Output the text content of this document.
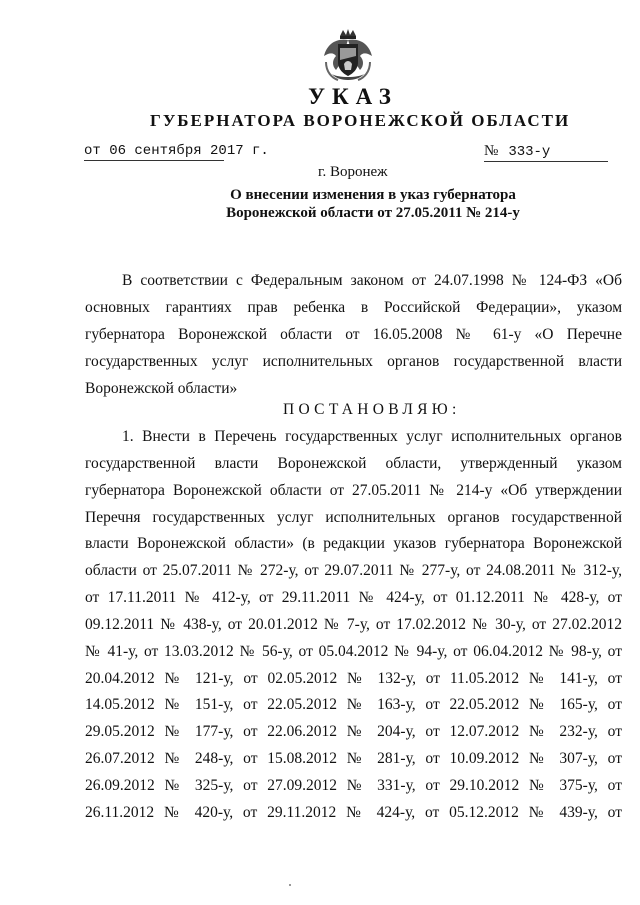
УКАЗ
ГУБЕРНАТОРА ВОРОНЕЖСКОЙ ОБЛАСТИ
от 06 сентября 2017 г.	№ 333-у
г. Воронеж
О внесении изменения в указ губернатора
Воронежской области от 27.05.2011 № 214-у
В соответствии с Федеральным законом от 24.07.1998 № 124-ФЗ «Об
основных гарантиях прав ребенка в Российской Федерации», указом
губернатора Воронежской области от 16.05.2008 № 61-у «О Перечне
государственных услуг исполнительных органов государственной власти
Воронежской области»
ПОСТАНОВЛЯЮ:
1. Внести в Перечень государственных услуг исполнительных органов
государственной власти Воронежской области, утвержденный указом
губернатора Воронежской области от 27.05.2011 № 214-у «Об утверждении
Перечня государственных услуг исполнительных органов государственной
власти Воронежской области» (в редакции указов губернатора Воронежской
области от 25.07.2011 № 272-у, от 29.07.2011 № 277-у, от 24.08.2011 № 312-у,
от 17.11.2011 № 412-у, от 29.11.2011 № 424-у, от 01.12.2011 № 428-у, от
09.12.2011 № 438-у, от 20.01.2012 № 7-у, от 17.02.2012 № 30-у, от 27.02.2012
№ 41-у, от 13.03.2012 № 56-у, от 05.04.2012 № 94-у, от 06.04.2012 № 98-у, от
20.04.2012 № 121-у, от 02.05.2012 № 132-у, от 11.05.2012 № 141-у, от
14.05.2012 № 151-у, от 22.05.2012 № 163-у, от 22.05.2012 № 165-у, от
29.05.2012 № 177-у, от 22.06.2012 № 204-у, от 12.07.2012 № 232-у, от
26.07.2012 № 248-у, от 15.08.2012 № 281-у, от 10.09.2012 № 307-у, от
26.09.2012 № 325-у, от 27.09.2012 № 331-у, от 29.10.2012 № 375-у, от
26.11.2012 № 420-у, от 29.11.2012 № 424-у, от 05.12.2012 № 439-у, от
